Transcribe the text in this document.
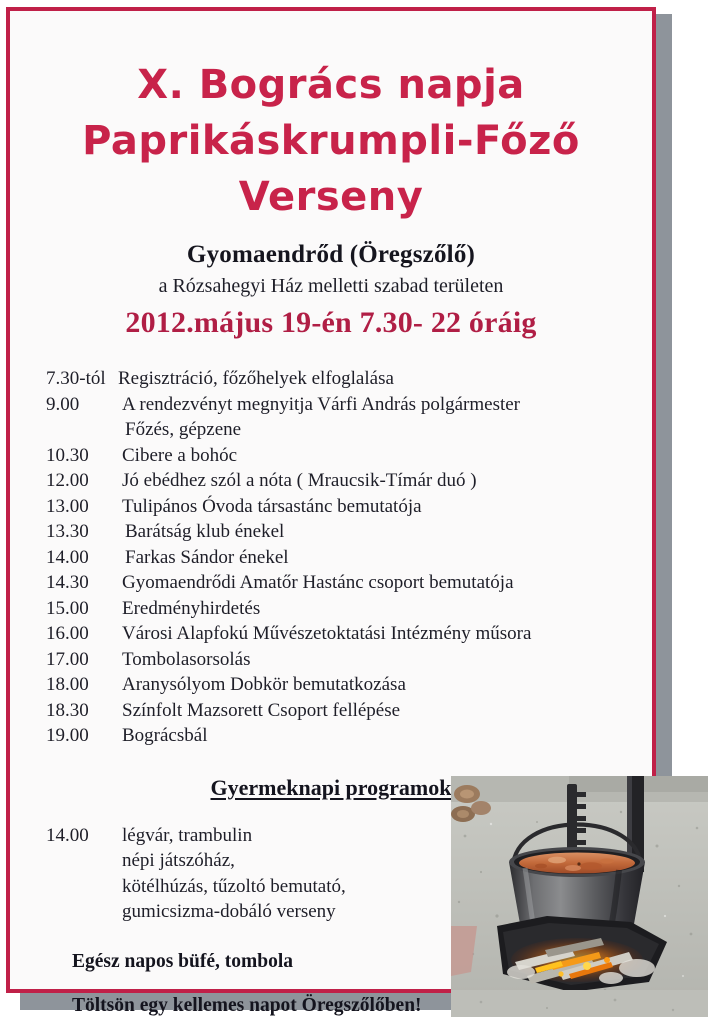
X. Bogrács napja
Paprikáskrumpli-Főző
Verseny
Gyomaendrőd (Öregszőlő)
a Rózsahegyi Ház melletti szabad területen
2012.május 19-én 7.30- 22 óráig
7.30-tól Regisztráció, főzőhelyek elfoglalása
9.00	A rendezvényt megnyitja Várfi András polgármester
Főzés, gépzene
10.30	Cibere a bohóc
12.00	Jó ebédhez szól a nóta ( Mraucsik-Tímár duó )
13.00	Tulipános Óvoda társastánc bemutatója
13.30	Barátság klub énekel
14.00	Farkas Sándor énekel
14.30	Gyomaendrődi Amatőr Hastánc csoport bemutatója
15.00	Eredményhirdetés
16.00	Városi Alapfokú Művészetoktatási Intézmény műsora
17.00	Tombolasorsolás
18.00	Aranysólyom Dobkör bemutatkozása
18.30	Színfolt Mazsorett Csoport fellépése
19.00	Bográcsbál
Gyermeknapi programok
14.00	légvár, trambulin
népi játszóház,
kötélhúzás, tűzoltó bemutató,
gumicsizma-dobáló verseny
Egész napos büfé, tombola
Töltsön egy kellemes napot Öregszőlőben!
